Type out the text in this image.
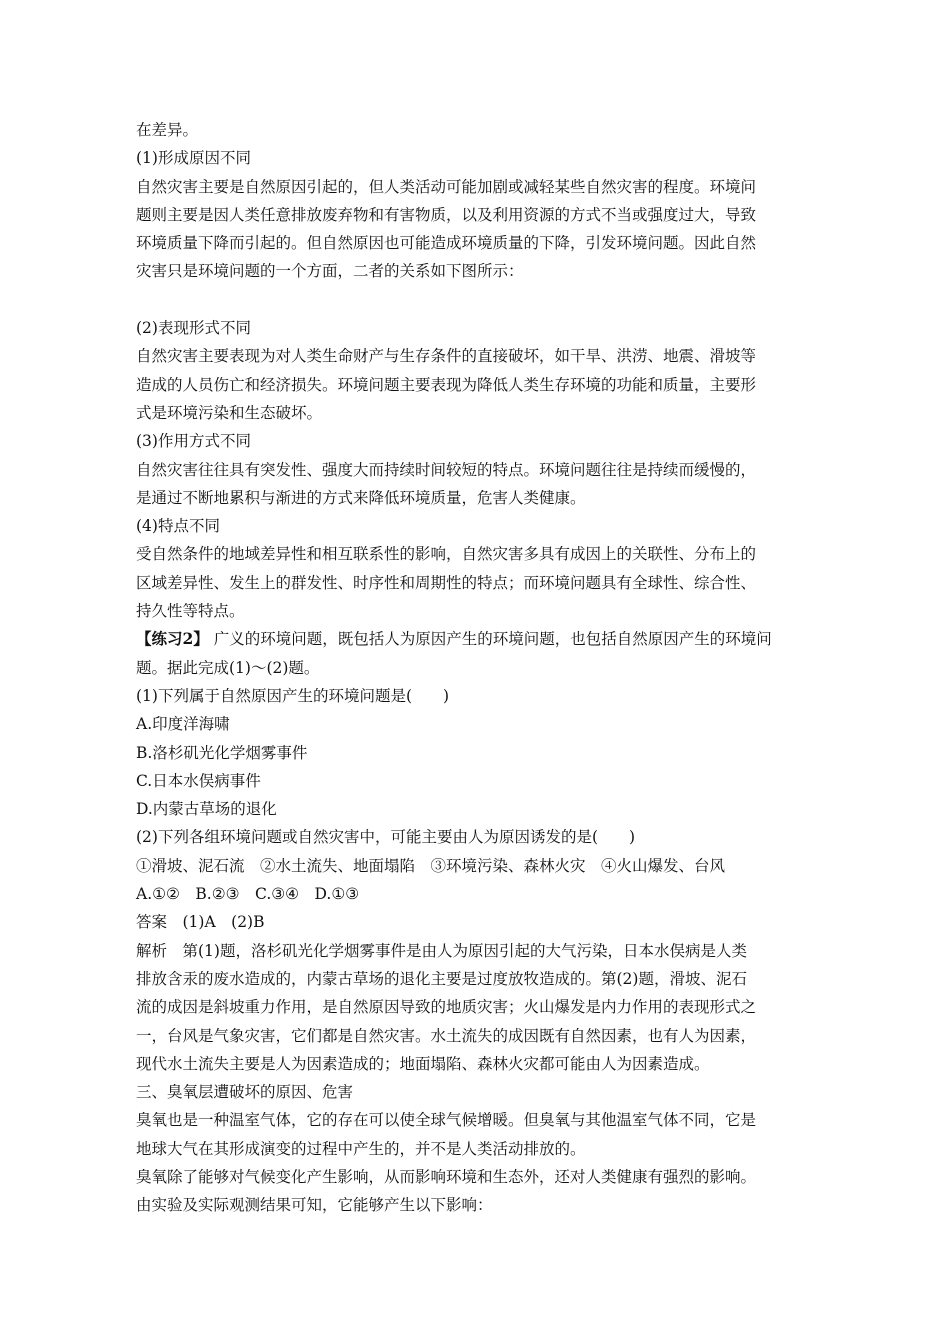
在差异。
(1)形成原因不同
自然灾害主要是自然原因引起的，但人类活动可能加剧或减轻某些自然灾害的程度。环境问
题则主要是因人类任意排放废弃物和有害物质，以及利用资源的方式不当或强度过大，导致
环境质量下降而引起的。但自然原因也可能造成环境质量的下降，引发环境问题。因此自然
灾害只是环境问题的一个方面，二者的关系如下图所示：
(2)表现形式不同
自然灾害主要表现为对人类生命财产与生存条件的直接破坏，如干旱、洪涝、地震、滑坡等
造成的人员伤亡和经济损失。环境问题主要表现为降低人类生存环境的功能和质量，主要形
式是环境污染和生态破坏。
(3)作用方式不同
自然灾害往往具有突发性、强度大而持续时间较短的特点。环境问题往往是持续而缓慢的，
是通过不断地累积与渐进的方式来降低环境质量，危害人类健康。
(4)特点不同
受自然条件的地域差异性和相互联系性的影响，自然灾害多具有成因上的关联性、分布上的
区域差异性、发生上的群发性、时序性和周期性的特点；而环境问题具有全球性、综合性、
持久性等特点。
【练习2】 广义的环境问题，既包括人为原因产生的环境问题，也包括自然原因产生的环境问
题。据此完成(1)～(2)题。
(1)下列属于自然原因产生的环境问题是(　　)
A.印度洋海啸
B.洛杉矶光化学烟雾事件
C.日本水俣病事件
D.内蒙古草场的退化
(2)下列各组环境问题或自然灾害中，可能主要由人为原因诱发的是(　　)
①滑坡、泥石流　②水土流失、地面塌陷　③环境污染、森林火灾　④火山爆发、台风
A.①②　B.②③　C.③④　D.①③
答案　(1)A　(2)B
解析　第(1)题，洛杉矶光化学烟雾事件是由人为原因引起的大气污染，日本水俣病是人类
排放含汞的废水造成的，内蒙古草场的退化主要是过度放牧造成的。第(2)题，滑坡、泥石
流的成因是斜坡重力作用，是自然原因导致的地质灾害；火山爆发是内力作用的表现形式之
一，台风是气象灾害，它们都是自然灾害。水土流失的成因既有自然因素，也有人为因素，
现代水土流失主要是人为因素造成的；地面塌陷、森林火灾都可能由人为因素造成。
三、臭氧层遭破坏的原因、危害
臭氧也是一种温室气体，它的存在可以使全球气候增暖。但臭氧与其他温室气体不同，它是
地球大气在其形成演变的过程中产生的，并不是人类活动排放的。
臭氧除了能够对气候变化产生影响，从而影响环境和生态外，还对人类健康有强烈的影响。
由实验及实际观测结果可知，它能够产生以下影响：
